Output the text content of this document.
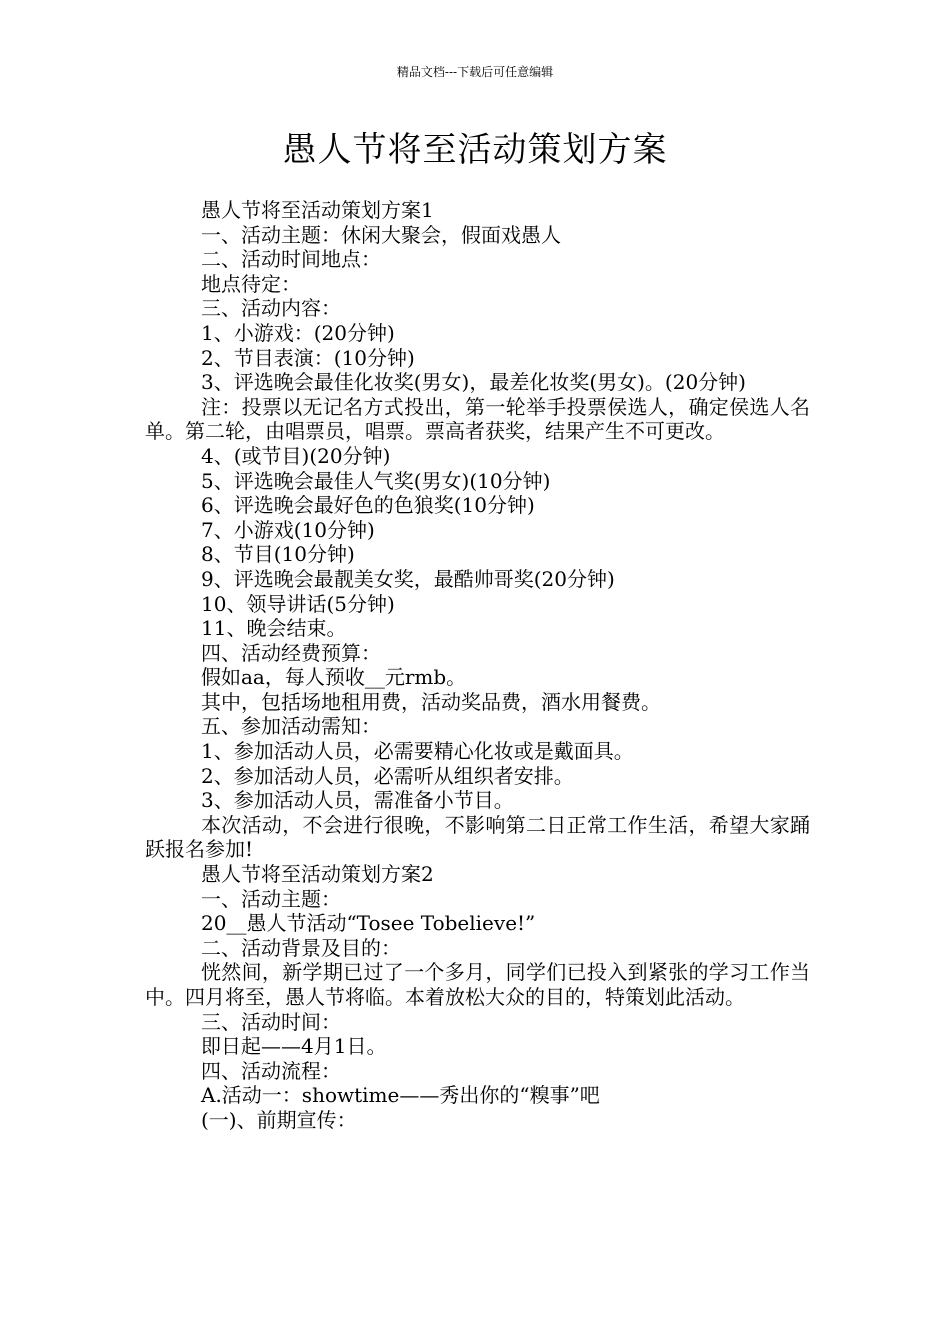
精品文档---下载后可任意编辑
愚人节将至活动策划方案

愚人节将至活动策划方案1

一、活动主题：休闲大聚会，假面戏愚人

二、活动时间地点：

地点待定：

三、活动内容：

1、小游戏：(20分钟)

2、节目表演：(10分钟)

3、评选晚会最佳化妆奖(男女)，最差化妆奖(男女)。(20分钟)

注：投票以无记名方式投出，第一轮举手投票侯选人，确定侯选人名单。第二轮，由唱票员，唱票。票高者获奖，结果产生不可更改。

4、(或节目)(20分钟)

5、评选晚会最佳人气奖(男女)(10分钟)

6、评选晚会最好色的色狼奖(10分钟)

7、小游戏(10分钟)

8、节目(10分钟)

9、评选晚会最靓美女奖，最酷帅哥奖(20分钟)

10、领导讲话(5分钟)

11、晚会结束。

四、活动经费预算：

假如aa，每人预收__元rmb。

其中，包括场地租用费，活动奖品费，酒水用餐费。

五、参加活动需知：

1、参加活动人员，必需要精心化妆或是戴面具。

2、参加活动人员，必需听从组织者安排。

3、参加活动人员，需准备小节目。

本次活动，不会进行很晚，不影响第二日正常工作生活，希望大家踊跃报名参加!

愚人节将至活动策划方案2

一、活动主题：

20__愚人节活动“Tosee Tobelieve!”

二、活动背景及目的：

恍然间，新学期已过了一个多月，同学们已投入到紧张的学习工作当中。四月将至，愚人节将临。本着放松大众的目的，特策划此活动。

三、活动时间：

即日起——4月1日。

四、活动流程：

A.活动一：showtime——秀出你的“糗事”吧

(一)、前期宣传：
